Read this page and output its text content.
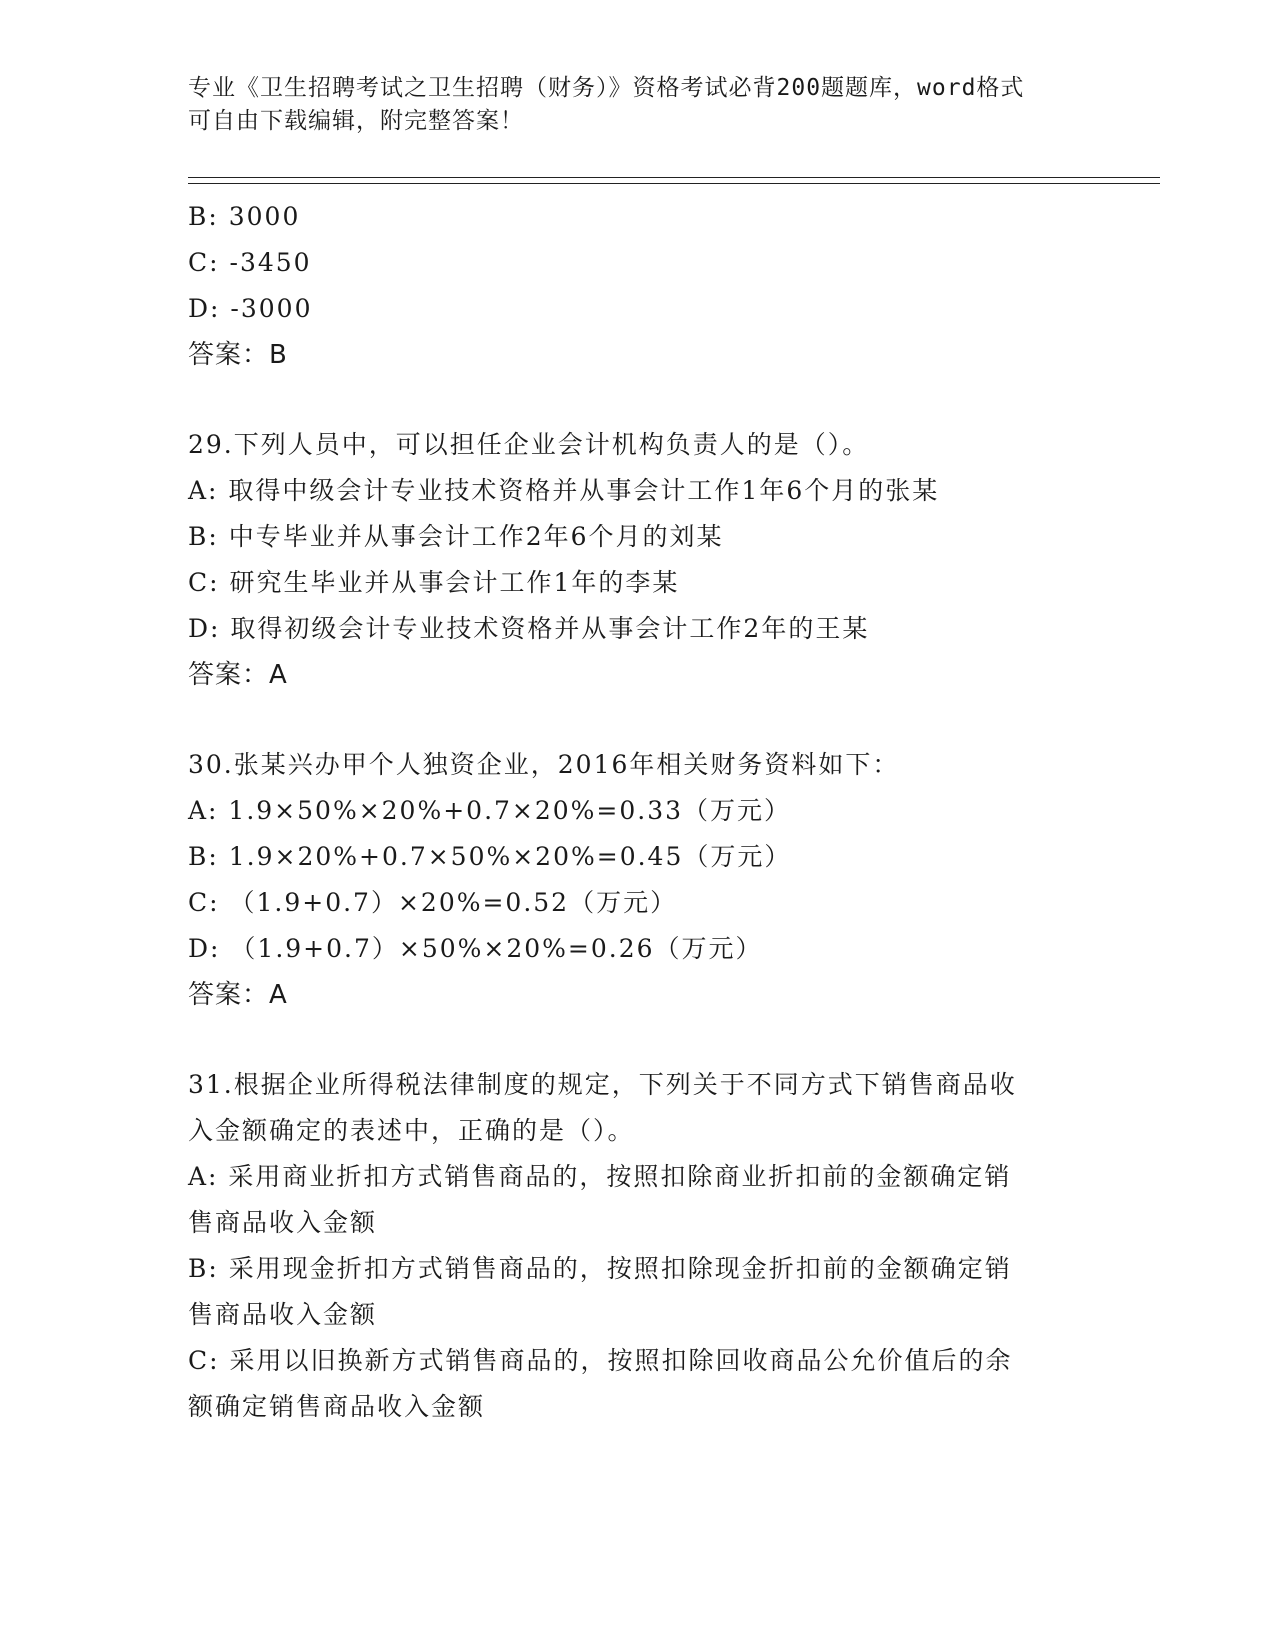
专业《卫生招聘考试之卫生招聘（财务）》资格考试必背200题题库，word格式
可自由下载编辑，附完整答案！
B: 3000
C: -3450
D: -3000
答案：B
29.下列人员中，可以担任企业会计机构负责人的是（）。
A: 取得中级会计专业技术资格并从事会计工作1年6个月的张某
B: 中专毕业并从事会计工作2年6个月的刘某
C: 研究生毕业并从事会计工作1年的李某
D: 取得初级会计专业技术资格并从事会计工作2年的王某
答案：A
30.张某兴办甲个人独资企业，2016年相关财务资料如下：
A: 1.9×50%×20%+0.7×20%=0.33（万元）
B: 1.9×20%+0.7×50%×20%=0.45（万元）
C: （1.9+0.7）×20%=0.52（万元）
D: （1.9+0.7）×50%×20%=0.26（万元）
答案：A
31.根据企业所得税法律制度的规定，下列关于不同方式下销售商品收
入金额确定的表述中，正确的是（）。
A: 采用商业折扣方式销售商品的，按照扣除商业折扣前的金额确定销
售商品收入金额
B: 采用现金折扣方式销售商品的，按照扣除现金折扣前的金额确定销
售商品收入金额
C: 采用以旧换新方式销售商品的，按照扣除回收商品公允价值后的余
额确定销售商品收入金额
